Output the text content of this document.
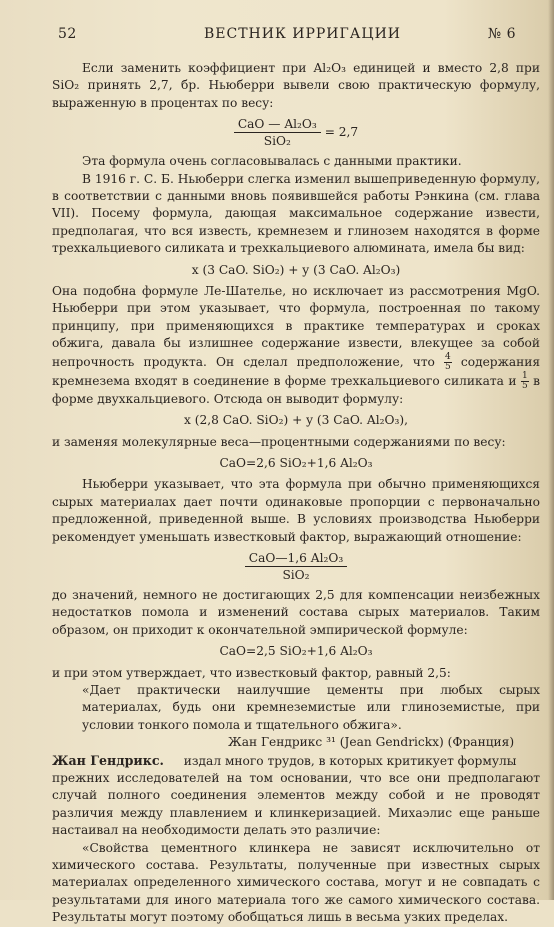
52	ВЕСТНИК ИРРИГАЦИИ	№ 6

Если заменить коэффициент при Al₂O₃ единицей и вместо 2,8 при SiO₂ принять 2,7, бр. Ньюберри вывели свою практическую формулу, выраженную в процентах по весу:

$\frac{\text{CaO — Al₂O₃}}{\text{SiO₂}} = 2,7$

Эта формула очень согласовывалась с данными практики.

В 1916 г. С. Б. Ньюберри слегка изменил вышеприведенную формулу, в соответствии с данными вновь появившейся работы Рэнкина (см. глава VII). Посему формула, дающая максимальное содержание извести, предполагая, что вся известь, кремнезем и глинозем находятся в форме трехкальциевого силиката и трехкальциевого алюмината, имела бы вид:

x (3 CaO. SiO₂) + y (3 CaO. Al₂O₃)

Она подобна формуле Ле-Шателье, но исключает из рассмотрения MgO. Ньюберри при этом указывает, что формула, построенная по такому принципу, при применяющихся в практике температурах и сроках обжига, давала бы излишнее содержание извести, влекущее за собой непрочность продукта. Он сделал предположение, что $\frac{4}{5}$ содержания кремнезема входят в соединение в форме трехкальциевого силиката и $\frac{1}{5}$ в форме двухкальциевого. Отсюда он выводит формулу:

x (2,8 CaO. SiO₂) + y (3 CaO. Al₂O₃),

и заменяя молекулярные веса—процентными содержаниями по весу:

CaO=2,6 SiO₂+1,6 Al₂O₃

Ньюберри указывает, что эта формула при обычно применяющихся сырых материалах дает почти одинаковые пропорции с первоначально предложенной, приведенной выше. В условиях производства Ньюберри рекомендует уменьшать известковый фактор, выражающий отношение:

$\frac{\text{CaO—1,6 Al₂O₃}}{\text{SiO₂}}$

до значений, немного не достигающих 2,5 для компенсации неизбежных недостатков помола и изменений состава сырых материалов. Таким образом, он приходит к окончательной эмпирической формуле:

CaO=2,5 SiO₂+1,6 Al₂O₃

и при этом утверждает, что известковый фактор, равный 2,5:

«Дает практически наилучшие цементы при любых сырых материалах, будь они кремнеземистые или глиноземистые, при условии тонкого помола и тщательного обжига».

Жан Гендрикс ³¹ (Jean Gendrickx) (Франция)

Жан Гендрикс. издал много трудов, в которых критикует формулы

прежних исследователей на том основании, что все они предполагают случай полного соединения элементов между собой и не проводят различия между плавлением и клинкеризацией. Михаэлис еще раньше настаивал на необходимости делать это различие:

«Свойства цементного клинкера не зависят исключительно от химического состава. Результаты, полученные при известных сырых материалах определенного химического состава, могут и не совпадать с результатами для иного материала того же самого химического состава. Результаты могут поэтому обобщаться лишь в весьма узких пределах.
